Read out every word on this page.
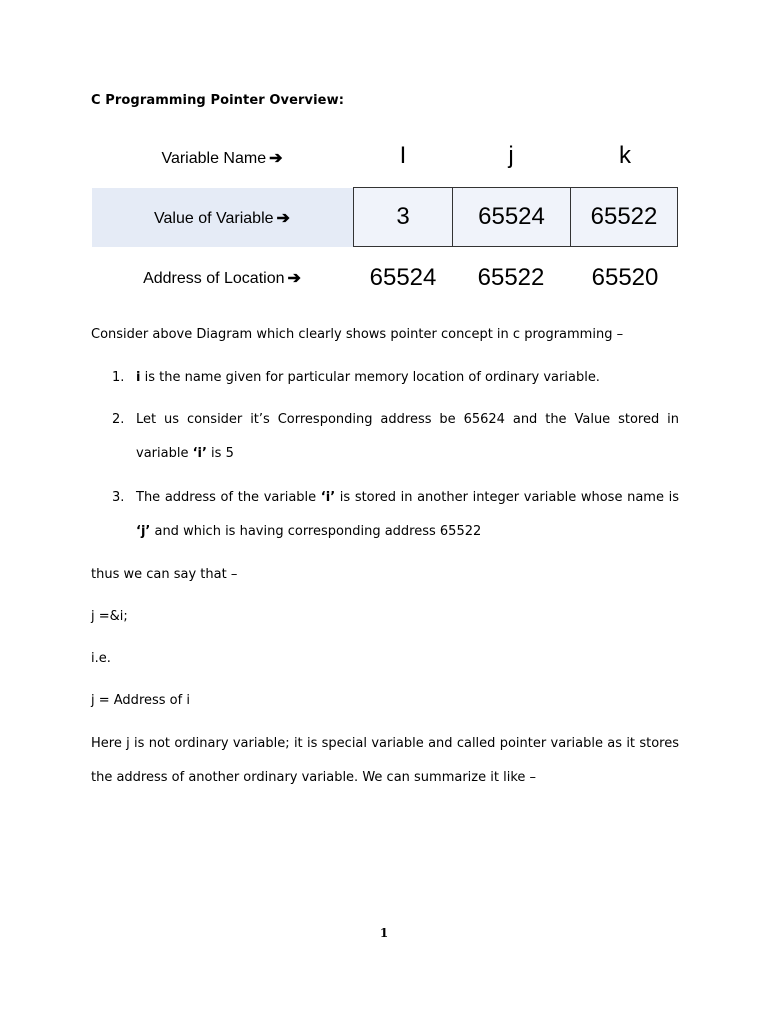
C Programming Pointer Overview:
Variable Name ➔	I	j	k
Value of Variable ➔	3	65524	65522
Address of Location ➔	65524	65522	65520
Consider above Diagram which clearly shows pointer concept in c programming –
1. i is the name given for particular memory location of ordinary variable.
2. Let us consider it’s Corresponding address be 65624 and the Value stored in variable ‘i’ is 5
3. The address of the variable ‘i’ is stored in another integer variable whose name is ‘j’ and which is having corresponding address 65522
thus we can say that –
j =&i;
i.e.
j = Address of i
Here j is not ordinary variable; it is special variable and called pointer variable as it stores the address of another ordinary variable. We can summarize it like –
1
